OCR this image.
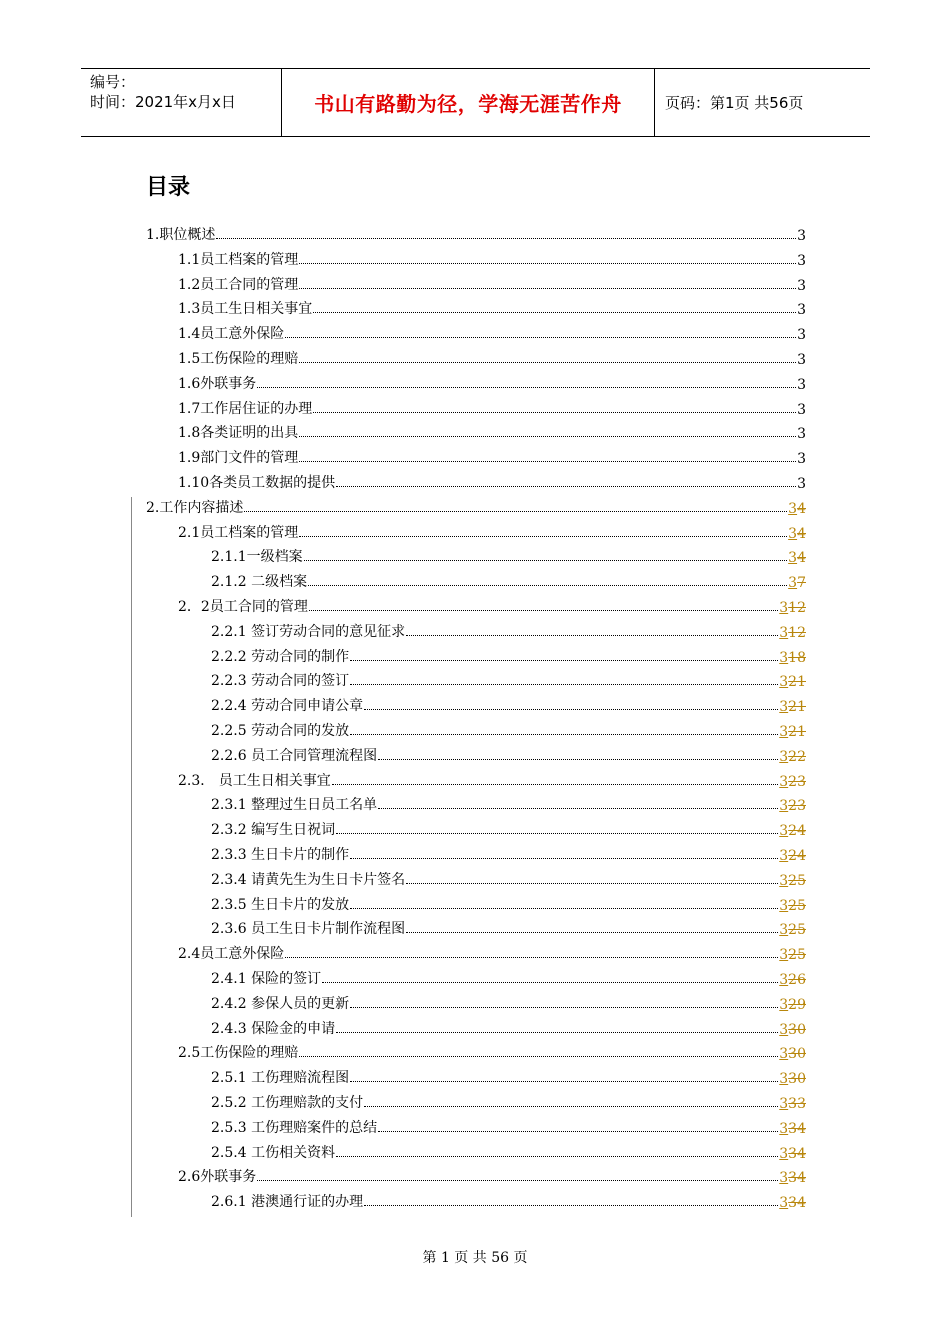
编号：
时间：2021年x月x日	书山有路勤为径，学海无涯苦作舟	页码：第1页 共56页
目录
1.职位概述	3
1.1员工档案的管理	3
1.2员工合同的管理	3
1.3员工生日相关事宜	3
1.4员工意外保险	3
1.5工伤保险的理赔	3
1.6外联事务	3
1.7工作居住证的办理	3
1.8各类证明的出具	3
1.9部门文件的管理	3
1.10各类员工数据的提供	3
2.工作内容描述	34
2.1员工档案的管理	34
2.1.1一级档案	34
2.1.2 二级档案	37
2．2员工合同的管理	312
2.2.1 签订劳动合同的意见征求	312
2.2.2 劳动合同的制作	318
2.2.3 劳动合同的签订	321
2.2.4 劳动合同申请公章	321
2.2.5 劳动合同的发放	321
2.2.6 员工合同管理流程图	322
2.3． 员工生日相关事宜	323
2.3.1 整理过生日员工名单	323
2.3.2 编写生日祝词	324
2.3.3 生日卡片的制作	324
2.3.4 请黄先生为生日卡片签名	325
2.3.5 生日卡片的发放	325
2.3.6 员工生日卡片制作流程图	325
2.4员工意外保险	325
2.4.1 保险的签订	326
2.4.2 参保人员的更新	329
2.4.3 保险金的申请	330
2.5工伤保险的理赔	330
2.5.1 工伤理赔流程图	330
2.5.2 工伤理赔款的支付	333
2.5.3 工伤理赔案件的总结	334
2.5.4 工伤相关资料	334
2.6外联事务	334
2.6.1 港澳通行证的办理	334
第 1 页 共 56 页
